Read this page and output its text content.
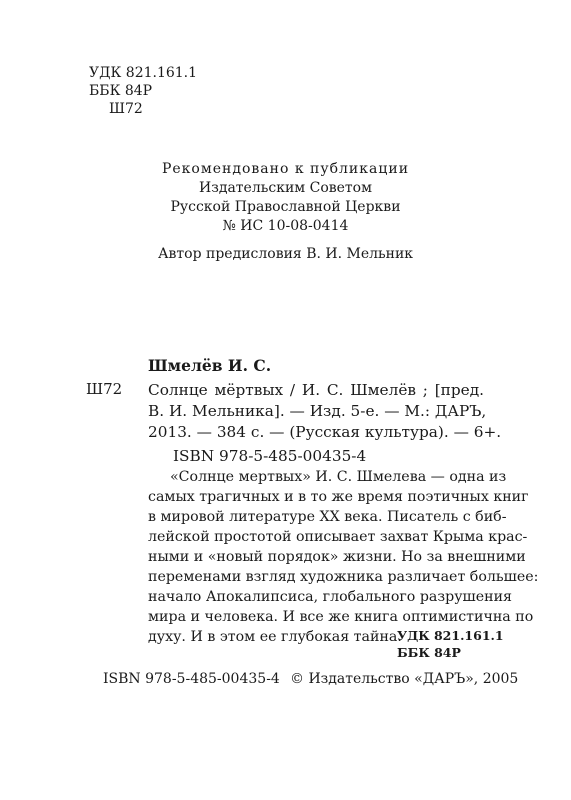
УДК 821.161.1
ББК 84Р
Ш72
Рекомендовано к публикации
Издательским Советом
Русской Православной Церкви
№ ИС 10-08-0414
Автор предисловия В. И. Мельник
Шмелёв И. С.
Ш72 Солнце мёртвых / И. С. Шмелёв ; [пред.
В. И. Мельника]. — Изд. 5-е. — М.: ДАРЪ,
2013. — 384 с. — (Русская культура). — 6+.
ISBN 978-5-485-00435-4
«Солнце мертвых» И. С. Шмелева — одна из
самых трагичных и в то же время поэтичных книг
в мировой литературе XX века. Писатель с биб-
лейской простотой описывает захват Крыма крас-
ными и «новый порядок» жизни. Но за внешними
переменами взгляд художника различает большее:
начало Апокалипсиса, глобального разрушения
мира и человека. И все же книга оптимистична по
духу. И в этом ее глубокая тайна.
УДК 821.161.1
ББК 84Р
ISBN 978-5-485-00435-4 © Издательство «ДАРЪ», 2005
